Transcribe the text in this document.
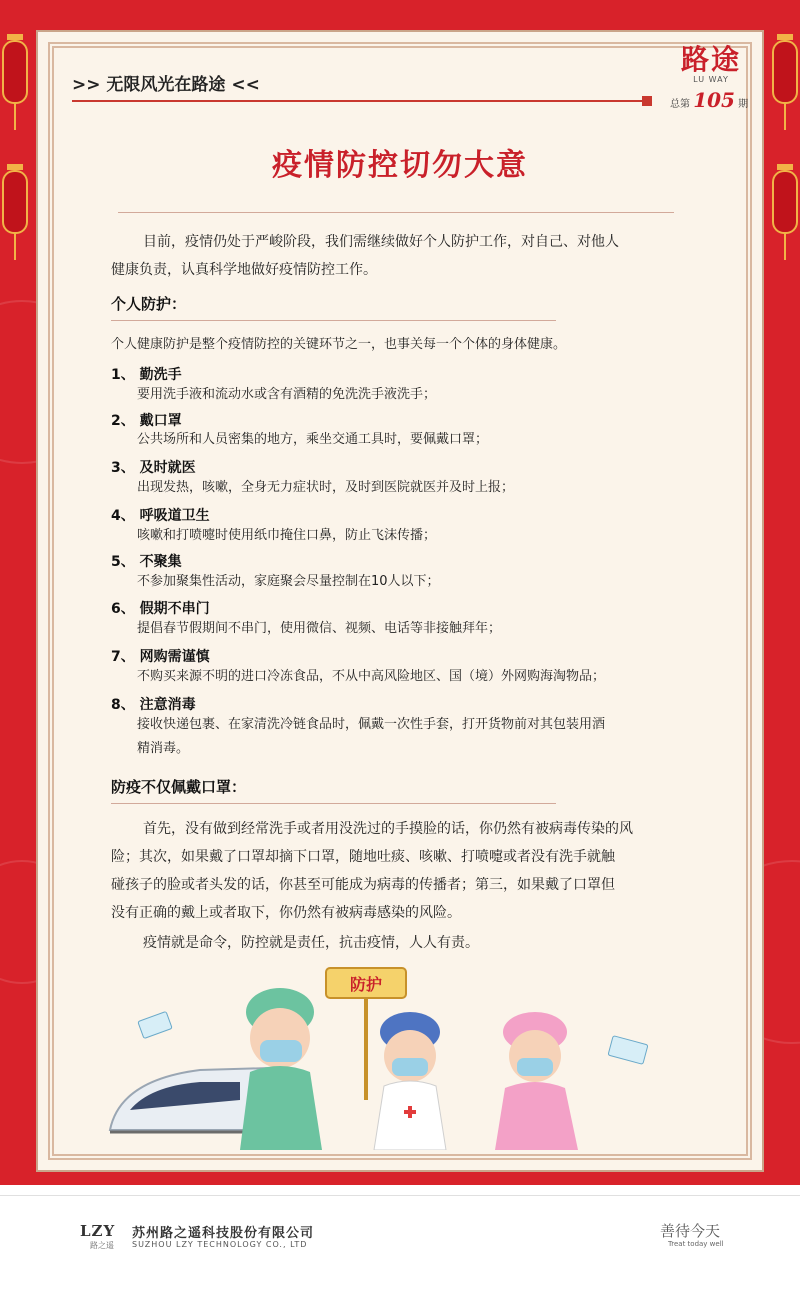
>> 无限风光在路途 <<
路途
LU WAY
总第 105 期
疫情防控切勿大意
目前，疫情仍处于严峻阶段，我们需继续做好个人防护工作，对自己、对他人
健康负责，认真科学地做好疫情防控工作。
个人防护：
个人健康防护是整个疫情防控的关键环节之一，也事关每一个个体的身体健康。
1、 勤洗手
要用洗手液和流动水或含有酒精的免洗洗手液洗手；
2、 戴口罩
公共场所和人员密集的地方，乘坐交通工具时，要佩戴口罩；
3、 及时就医
出现发热，咳嗽，全身无力症状时，及时到医院就医并及时上报；
4、 呼吸道卫生
咳嗽和打喷嚏时使用纸巾掩住口鼻，防止飞沫传播；
5、 不聚集
不参加聚集性活动，家庭聚会尽量控制在10人以下；
6、 假期不串门
提倡春节假期间不串门，使用微信、视频、电话等非接触拜年；
7、 网购需谨慎
不购买来源不明的进口冷冻食品，不从中高风险地区、国（境）外网购海淘物品；
8、 注意消毒
接收快递包裹、在家清洗冷链食品时，佩戴一次性手套，打开货物前对其包装用酒
精消毒。
防疫不仅佩戴口罩：
首先，没有做到经常洗手或者用没洗过的手摸脸的话，你仍然有被病毒传染的风
险；其次，如果戴了口罩却摘下口罩，随地吐痰、咳嗽、打喷嚏或者没有洗手就触
碰孩子的脸或者头发的话，你甚至可能成为病毒的传播者；第三，如果戴了口罩但
没有正确的戴上或者取下，你仍然有被病毒感染的风险。
疫情就是命令，防控就是责任，抗击疫情，人人有责。
防护
LZY
路之遥
苏州路之遥科技股份有限公司
SUZHOU LZY TECHNOLOGY CO., LTD
善待今天
Treat today well
